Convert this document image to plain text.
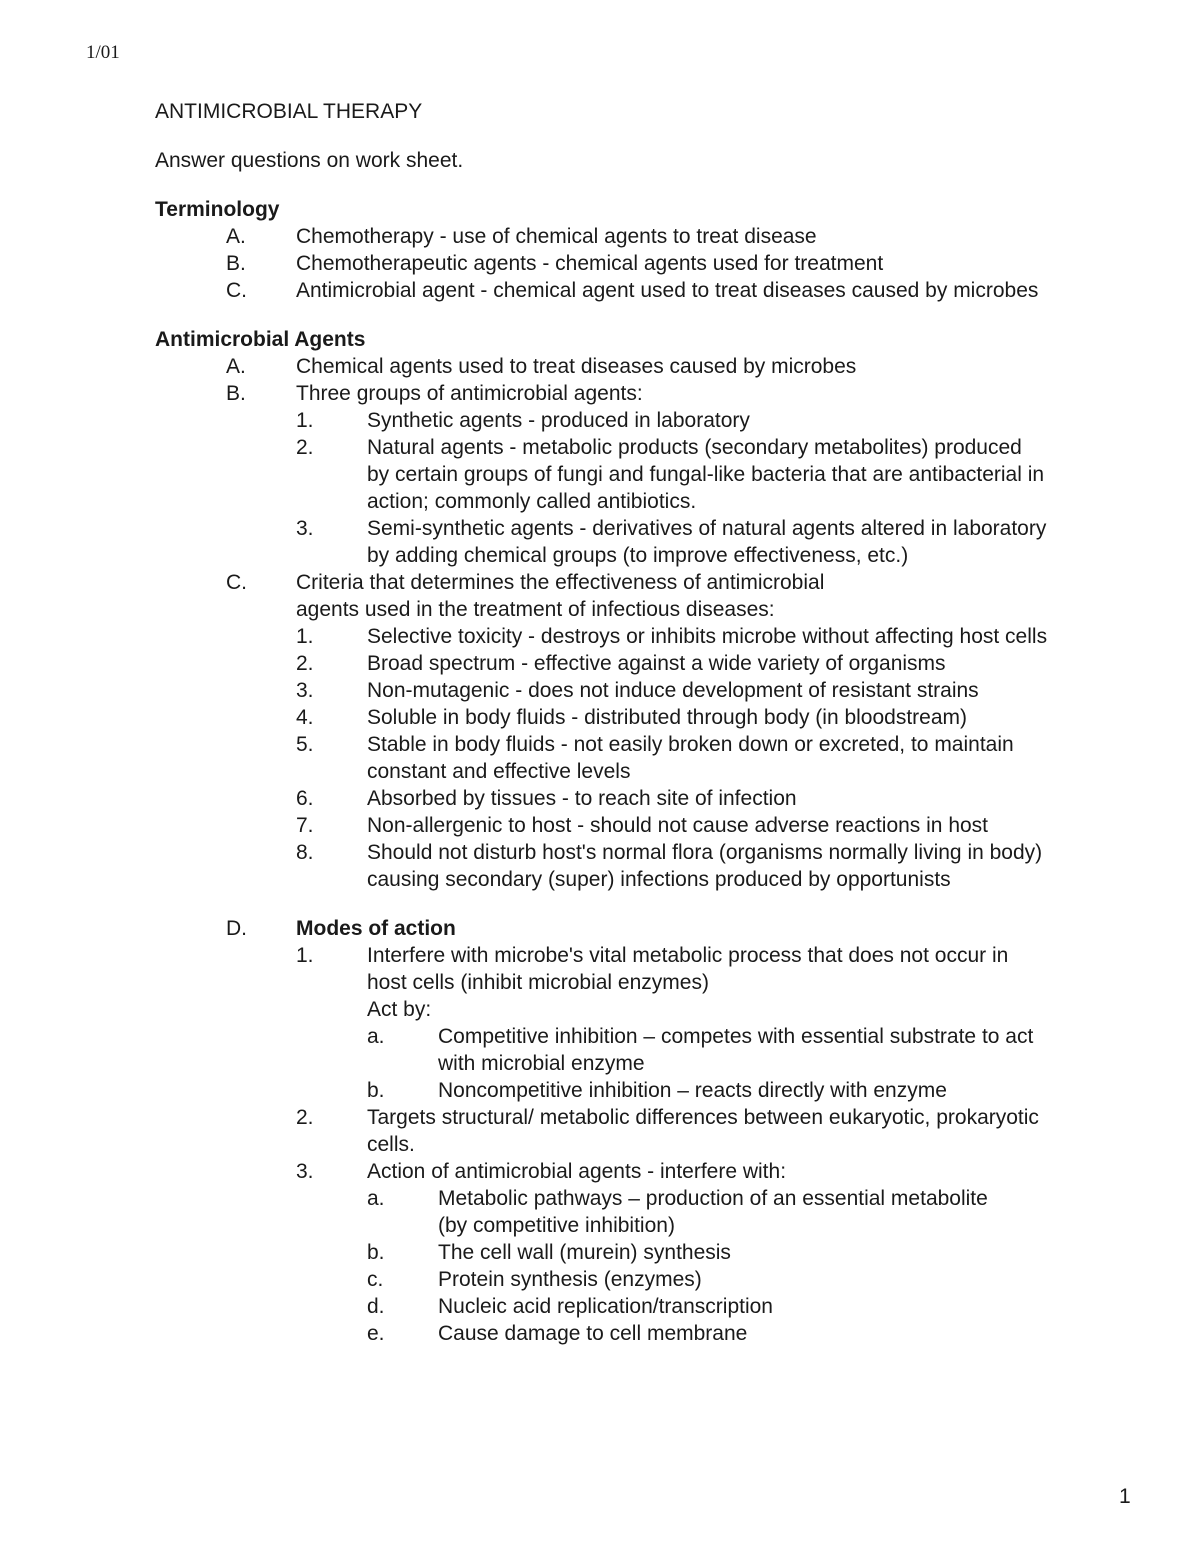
1/01
ANTIMICROBIAL THERAPY
Answer questions on work sheet.
Terminology
A. Chemotherapy - use of chemical agents to treat disease
B. Chemotherapeutic agents - chemical agents used for treatment
C. Antimicrobial agent - chemical agent used to treat diseases caused by microbes
Antimicrobial Agents
A. Chemical agents used to treat diseases caused by microbes
B. Three groups of antimicrobial agents:
1.	Synthetic agents - produced in laboratory
2.	Natural agents - metabolic products (secondary metabolites) produced
by certain groups of fungi and fungal-like bacteria that are antibacterial in
action; commonly called antibiotics.
3.	Semi-synthetic agents - derivatives of natural agents altered in laboratory
by adding chemical groups (to improve effectiveness, etc.)
C. Criteria that determines the effectiveness of antimicrobial
agents used in the treatment of infectious diseases:
1.	Selective toxicity - destroys or inhibits microbe without affecting host cells
2.	Broad spectrum - effective against a wide variety of organisms
3.	Non-mutagenic - does not induce development of resistant strains
4.	Soluble in body fluids - distributed through body (in bloodstream)
5.	Stable in body fluids - not easily broken down or excreted, to maintain
constant and effective levels
6.	Absorbed by tissues - to reach site of infection
7.	Non-allergenic to host - should not cause adverse reactions in host
8.	Should not disturb host's normal flora (organisms normally living in body)
causing secondary (super) infections produced by opportunists
D. Modes of action
1.	Interfere with microbe's vital metabolic process that does not occur in
host cells (inhibit microbial enzymes)
Act by:
a.	Competitive inhibition – competes with essential substrate to act
with microbial enzyme
b.	Noncompetitive inhibition – reacts directly with enzyme
2.	Targets structural/ metabolic differences between eukaryotic, prokaryotic
cells.
3.	Action of antimicrobial agents - interfere with:
a.	Metabolic pathways – production of an essential metabolite
(by competitive inhibition)
b.	The cell wall (murein) synthesis
c.	Protein synthesis (enzymes)
d.	Nucleic acid replication/transcription
e.	Cause damage to cell membrane
1
